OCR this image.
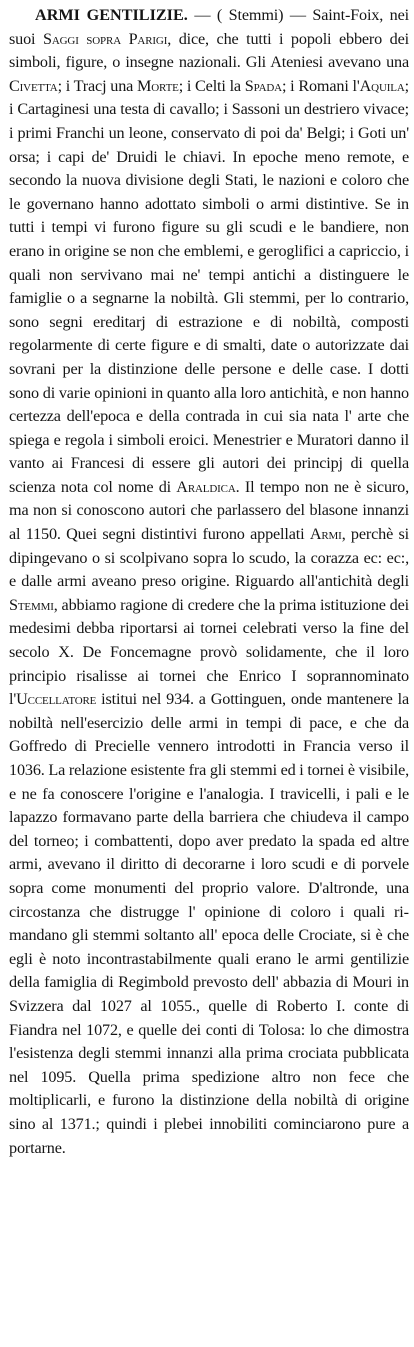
ARMI GENTILIZIE. — ( Stemmi) — Saint-Foix, nei suoi Saggi sopra Parigi, dice, che tutti i popoli ebbero dei simboli, figure, o insegne nazionali. Gli Ateniesi avevano una Civetta; i Tracj una Morte; i Celti la Spada; i Romani l'Aquila; i Cartaginesi una testa di cavallo; i Sassoni un destriero vivace; i primi Franchi un leone, conservato di poi da' Belgi; i Goti un' orsa; i capi de' Druidi le chiavi. In epoche meno remote, e secondo la nuova divisione degli Stati, le nazioni e coloro che le governano hanno adottato simboli o armi distintive. Se in tutti i tempi vi furono figure su gli scudi e le bandiere, non erano in origine se non che emblemi, e geroglifici a capriccio, i quali non servivano mai ne' tempi antichi a distinguere le famiglie o a segnarne la nobiltà. Gli stemmi, per lo contrario, sono segni ereditarj di estrazione e di nobiltà, composti regolarmente di certe figure e di smalti, date o autorizzate dai sovrani per la distinzione delle persone e delle case. I dotti sono di varie opinioni in quanto alla loro antichità, e non hanno certezza dell'epoca e della contrada in cui sia nata l' arte che spiega e regola i simboli eroici. Menestrier e Muratori danno il vanto ai Francesi di essere gli autori dei principj di quella scienza nota col nome di Araldica. Il tempo non ne è sicuro, ma non si conoscono autori che parlassero del blasone innanzi al 1150. Quei segni distintivi furono appellati Armi, perchè si dipingevano o si scolpivano sopra lo scudo, la corazza ec: ec:, e dalle armi aveano preso origine. Riguardo all'antichità degli Stemmi, abbiamo ragione di credere che la prima istituzione dei medesimi debba riportarsi ai tornei celebrati verso la fine del secolo X. De Foncemagne provò solidamente, che il loro principio risalisse ai tornei che Enrico I soprannominato l'Uccellatore istitui nel 934. a Gottinguen, onde mantenere la nobiltà nell'esercizio delle armi in tempi di pace, e che da Goffredo di Precielle vennero introdotti in Francia verso il 1036. La relazione esistente fra gli stemmi ed i tornei è visibile, e ne fa conoscere l'origine e l'analogia. I travicelli, i pali e le lapazzo formavano parte della barriera che chiudeva il campo del torneo; i combattenti, dopo aver predato la spada ed altre armi, avevano il diritto di decorarne i loro scudi e di porvele sopra come monumenti del proprio valore. D'altronde, una circostanza che distrugge l' opinione di coloro i quali rimandano gli stemmi soltanto all' epoca delle Crociate, si è che egli è noto incontrastabilmente quali erano le armi gentilizie della famiglia di Regimbold prevosto dell' abbazia di Mouri in Svizzera dal 1027 al 1055., quelle di Roberto I. conte di Fiandra nel 1072, e quelle dei conti di Tolosa: lo che dimostra l'esistenza degli stemmi innanzi alla prima crociata pubblicata nel 1095. Quella prima spedizione altro non fece che moltiplicarli, e furono la distinzione della nobiltà di origine sino al 1371.; quindi i plebei innobiliti cominciarono pure a portarne.
